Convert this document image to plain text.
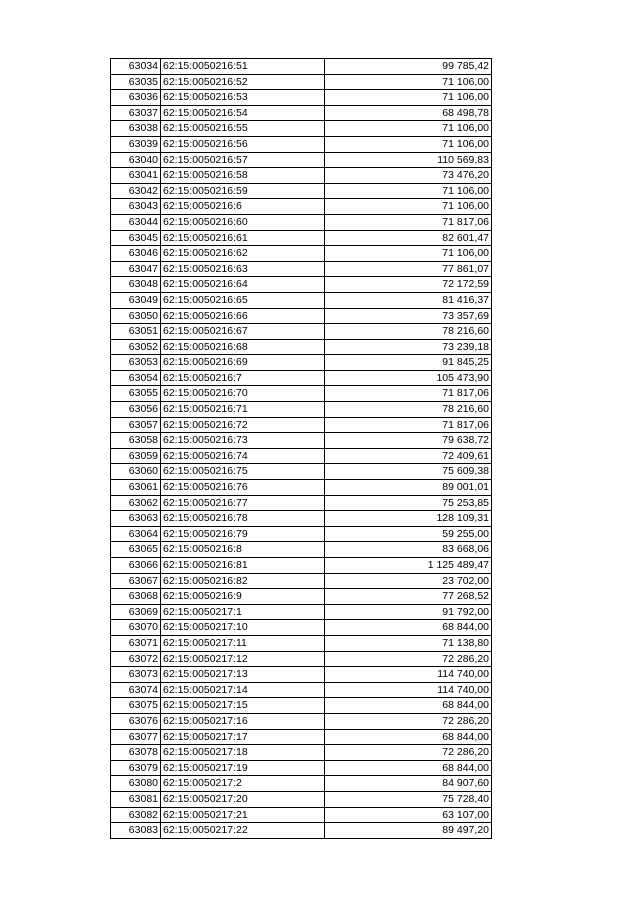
63034	62:15:0050216:51	99 785,42
63035	62:15:0050216:52	71 106,00
63036	62:15:0050216:53	71 106,00
63037	62:15:0050216:54	68 498,78
63038	62:15:0050216:55	71 106,00
63039	62:15:0050216:56	71 106,00
63040	62:15:0050216:57	110 569,83
63041	62:15:0050216:58	73 476,20
63042	62:15:0050216:59	71 106,00
63043	62:15:0050216:6	71 106,00
63044	62:15:0050216:60	71 817,06
63045	62:15:0050216:61	82 601,47
63046	62:15:0050216:62	71 106,00
63047	62:15:0050216:63	77 861,07
63048	62:15:0050216:64	72 172,59
63049	62:15:0050216:65	81 416,37
63050	62:15:0050216:66	73 357,69
63051	62:15:0050216:67	78 216,60
63052	62:15:0050216:68	73 239,18
63053	62:15:0050216:69	91 845,25
63054	62:15:0050216:7	105 473,90
63055	62:15:0050216:70	71 817,06
63056	62:15:0050216:71	78 216,60
63057	62:15:0050216:72	71 817,06
63058	62:15:0050216:73	79 638,72
63059	62:15:0050216:74	72 409,61
63060	62:15:0050216:75	75 609,38
63061	62:15:0050216:76	89 001,01
63062	62:15:0050216:77	75 253,85
63063	62:15:0050216:78	128 109,31
63064	62:15:0050216:79	59 255,00
63065	62:15:0050216:8	83 668,06
63066	62:15:0050216:81	1 125 489,47
63067	62:15:0050216:82	23 702,00
63068	62:15:0050216:9	77 268,52
63069	62:15:0050217:1	91 792,00
63070	62:15:0050217:10	68 844,00
63071	62:15:0050217:11	71 138,80
63072	62:15:0050217:12	72 286,20
63073	62:15:0050217:13	114 740,00
63074	62:15:0050217:14	114 740,00
63075	62:15:0050217:15	68 844,00
63076	62:15:0050217:16	72 286,20
63077	62:15:0050217:17	68 844,00
63078	62:15:0050217:18	72 286,20
63079	62:15:0050217:19	68 844,00
63080	62:15:0050217:2	84 907,60
63081	62:15:0050217:20	75 728,40
63082	62:15:0050217:21	63 107,00
63083	62:15:0050217:22	89 497,20
